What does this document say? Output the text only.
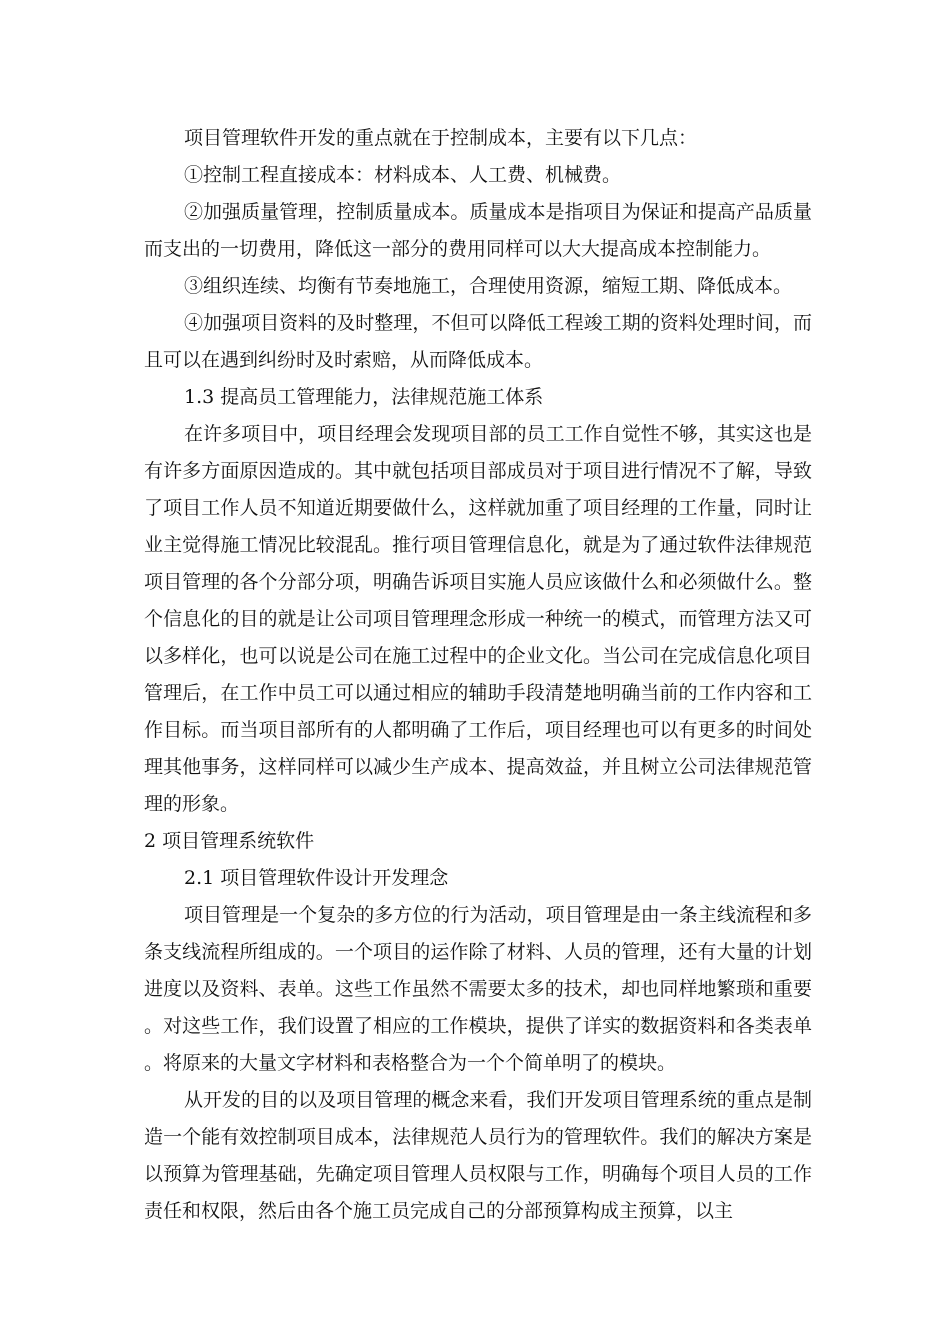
项目管理软件开发的重点就在于控制成本，主要有以下几点：

①控制工程直接成本：材料成本、人工费、机械费。

②加强质量管理，控制质量成本。质量成本是指项目为保证和提高产品质量而支出的一切费用，降低这一部分的费用同样可以大大提高成本控制能力。

③组织连续、均衡有节奏地施工，合理使用资源，缩短工期、降低成本。

④加强项目资料的及时整理，不但可以降低工程竣工期的资料处理时间，而且可以在遇到纠纷时及时索赔，从而降低成本。

1.3 提高员工管理能力，法律规范施工体系

在许多项目中，项目经理会发现项目部的员工工作自觉性不够，其实这也是有许多方面原因造成的。其中就包括项目部成员对于项目进行情况不了解，导致了项目工作人员不知道近期要做什么，这样就加重了项目经理的工作量，同时让业主觉得施工情况比较混乱。推行项目管理信息化，就是为了通过软件法律规范项目管理的各个分部分项，明确告诉项目实施人员应该做什么和必须做什么。整个信息化的目的就是让公司项目管理理念形成一种统一的模式，而管理方法又可以多样化，也可以说是公司在施工过程中的企业文化。当公司在完成信息化项目管理后，在工作中员工可以通过相应的辅助手段清楚地明确当前的工作内容和工作目标。而当项目部所有的人都明确了工作后，项目经理也可以有更多的时间处理其他事务，这样同样可以减少生产成本、提高效益，并且树立公司法律规范管理的形象。

2 项目管理系统软件

2.1 项目管理软件设计开发理念

项目管理是一个复杂的多方位的行为活动，项目管理是由一条主线流程和多条支线流程所组成的。一个项目的运作除了材料、人员的管理，还有大量的计划进度以及资料、表单。这些工作虽然不需要太多的技术，却也同样地繁琐和重要。对这些工作，我们设置了相应的工作模块，提供了详实的数据资料和各类表单。将原来的大量文字材料和表格整合为一个个简单明了的模块。

从开发的目的以及项目管理的概念来看，我们开发项目管理系统的重点是制造一个能有效控制项目成本，法律规范人员行为的管理软件。我们的解决方案是以预算为管理基础，先确定项目管理人员权限与工作，明确每个项目人员的工作责任和权限，然后由各个施工员完成自己的分部预算构成主预算，以主
